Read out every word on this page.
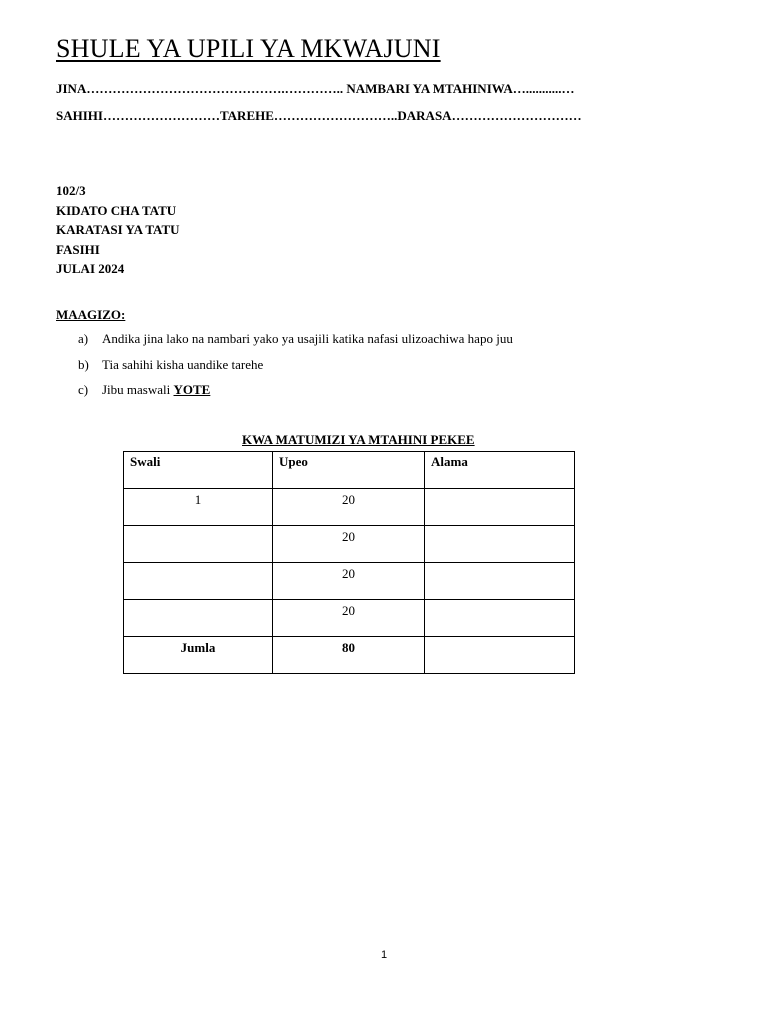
SHULE YA UPILI YA MKWAJUNI
JINA……………………………………….………….. NAMBARI YA MTAHINIWA…...........…
SAHIHI………………………TAREHE………………………..DARASA…………………………
102/3
KIDATO CHA TATU
KARATASI YA TATU
FASIHI
JULAI 2024
MAAGIZO:
a) Andika jina lako na nambari yako ya usajili katika nafasi ulizoachiwa hapo juu
b) Tia sahihi kisha uandike tarehe
c) Jibu maswali YOTE
KWA MATUMIZI YA MTAHINI PEKEE
Swali	Upeo	Alama
1	20	
	20	
	20	
	20	
Jumla	80	
1
